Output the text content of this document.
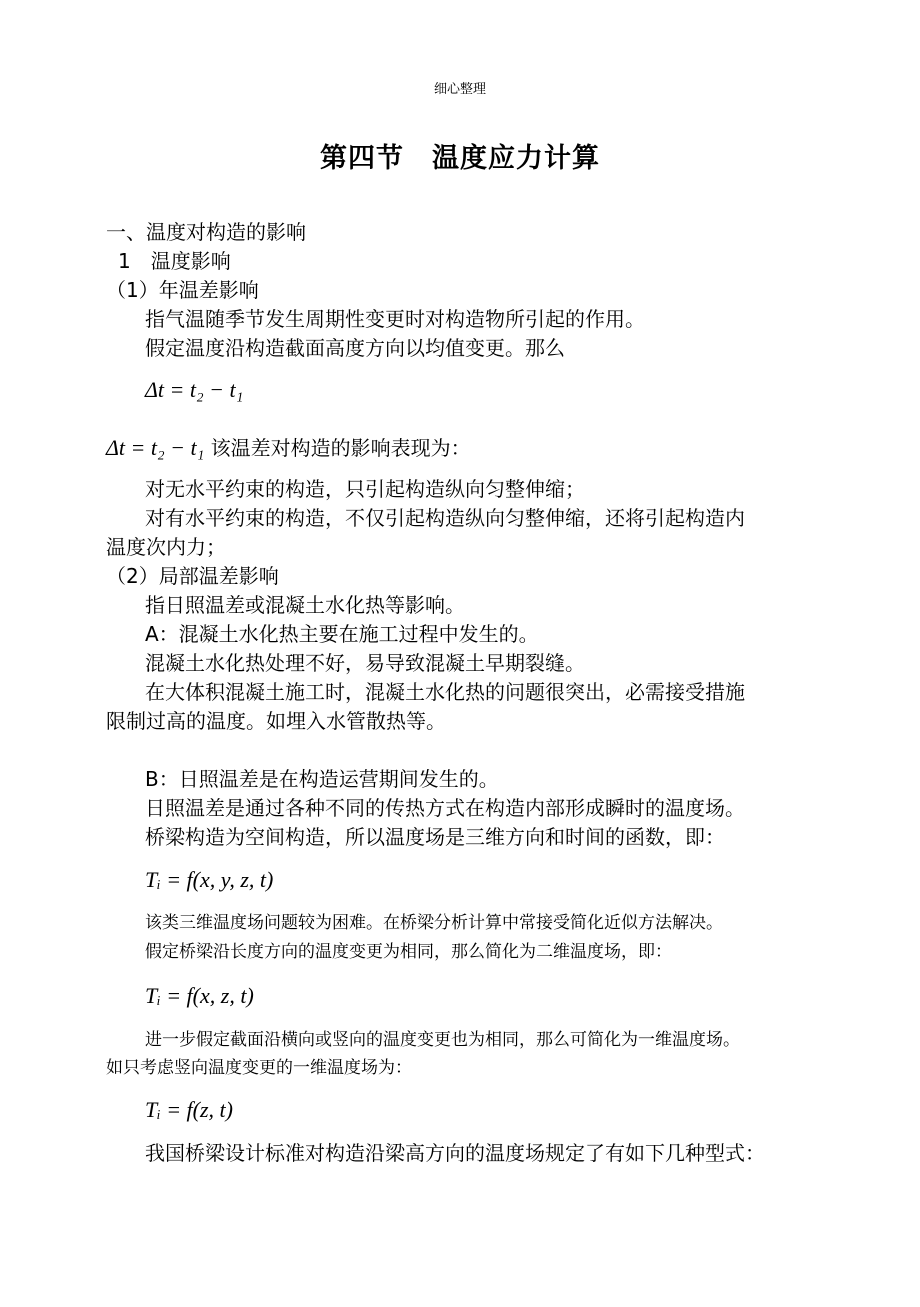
细心整理
第四节　温度应力计算
一、温度对构造的影响
1　温度影响
（1）年温差影响
指气温随季节发生周期性变更时对构造物所引起的作用。
假定温度沿构造截面高度方向以均值变更。那么
Δt = t₂ − t₁
Δt = t₂ − t₁ 该温差对构造的影响表现为：
对无水平约束的构造，只引起构造纵向匀整伸缩；
对有水平约束的构造，不仅引起构造纵向匀整伸缩，还将引起构造内
温度次内力；
（2）局部温差影响
指日照温差或混凝土水化热等影响。
A：混凝土水化热主要在施工过程中发生的。
混凝土水化热处理不好，易导致混凝土早期裂缝。
在大体积混凝土施工时，混凝土水化热的问题很突出，必需接受措施
限制过高的温度。如埋入水管散热等。
B：日照温差是在构造运营期间发生的。
日照温差是通过各种不同的传热方式在构造内部形成瞬时的温度场。
桥梁构造为空间构造，所以温度场是三维方向和时间的函数，即：
Tᵢ = f(x, y, z, t)
该类三维温度场问题较为困难。在桥梁分析计算中常接受简化近似方法解决。
假定桥梁沿长度方向的温度变更为相同，那么简化为二维温度场，即：
Tᵢ = f(x, z, t)
进一步假定截面沿横向或竖向的温度变更也为相同，那么可简化为一维温度场。
如只考虑竖向温度变更的一维温度场为：
Tᵢ = f(z, t)
我国桥梁设计标准对构造沿梁高方向的温度场规定了有如下几种型式：
